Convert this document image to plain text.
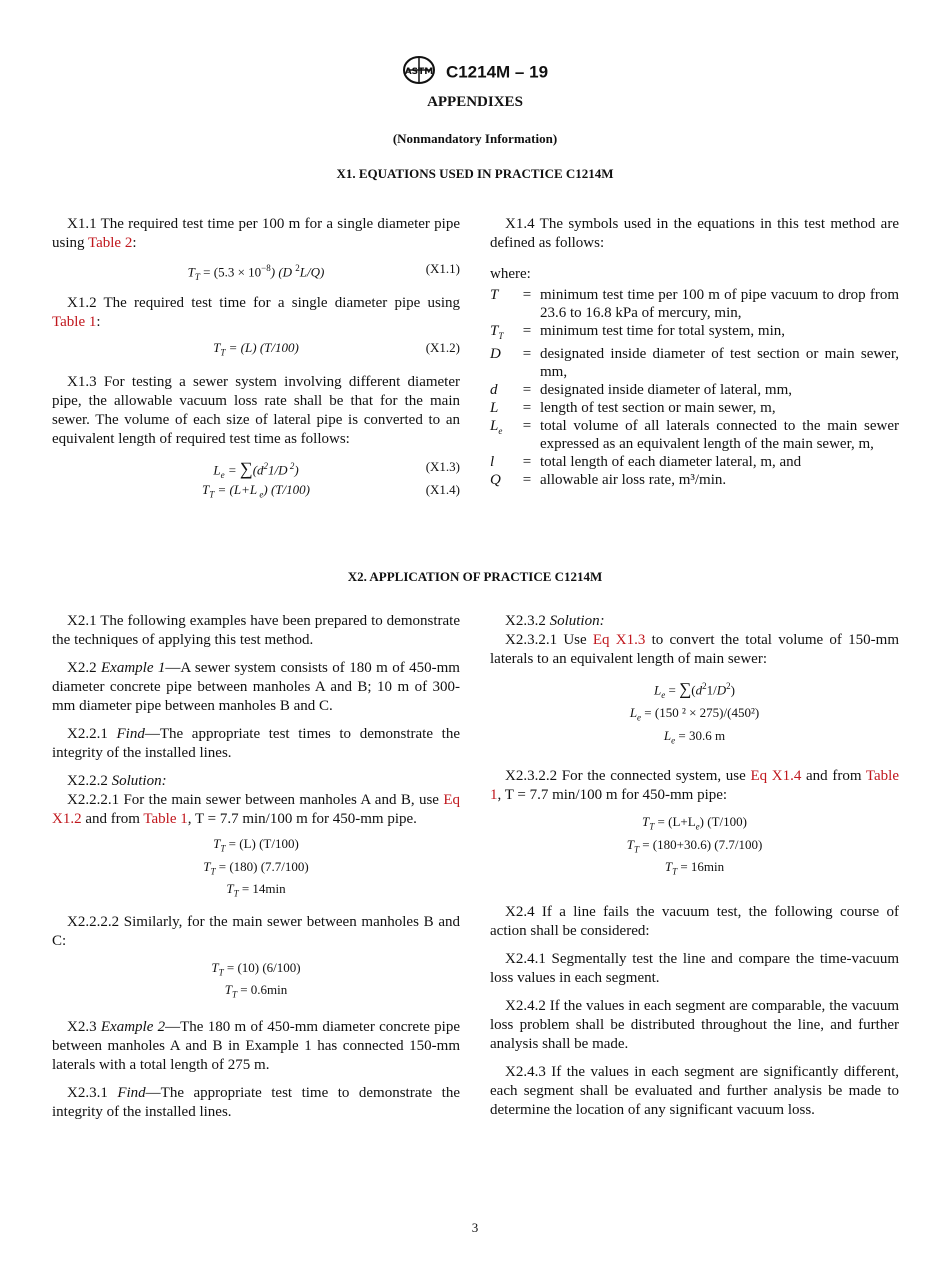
ASTM C1214M – 19
APPENDIXES
(Nonmandatory Information)
X1. EQUATIONS USED IN PRACTICE C1214M

X1.1 The required test time per 100 m for a single diameter pipe using Table 2:

$T_T = (5.3 \times 10^{-8})$ (D $^2$L/Q)	(X1.1)

X1.2 The required test time for a single diameter pipe using Table 1:

$T_T = (L)$ (T/100)	(X1.2)

X1.3 For testing a sewer system involving different diameter pipe, the allowable vacuum loss rate shall be that for the main sewer. The volume of each size of lateral pipe is converted to an equivalent length of required test time as follows:

$L_e = \sum(d^21/D$ $^2$)	(X1.3)
$T_T = (L+L$ $_e$) (T/100)	(X1.4)

X1.4 The symbols used in the equations in this test method are defined as follows:

where:

T	=	minimum test time per 100 m of pipe vacuum to drop from 23.6 to 16.8 kPa of mercury, min,
$T_T$	=	minimum test time for total system, min,
D	=	designated inside diameter of test section or main sewer, mm,
d	=	designated inside diameter of lateral, mm,
L	=	length of test section or main sewer, m,
$L_e$	=	total volume of all laterals connected to the main sewer expressed as an equivalent length of the main sewer, m,
l	=	total length of each diameter lateral, m, and
Q	=	allowable air loss rate, m³/min.
X2. APPLICATION OF PRACTICE C1214M

X2.1 The following examples have been prepared to demonstrate the techniques of applying this test method.

X2.2 Example 1—A sewer system consists of 180 m of 450-mm diameter concrete pipe between manholes A and B; 10 m of 300-mm diameter pipe between manholes B and C.

X2.2.1 Find—The appropriate test times to demonstrate the integrity of the installed lines.

X2.2.2 Solution:

X2.2.2.1 For the main sewer between manholes A and B, use Eq X1.2 and from Table 1, T = 7.7 min/100 m for 450-mm pipe.

$T_T = (L)$ (T/100)
$T_T = (180)$ (7.7/100)
$T_T = 14\min$

X2.2.2.2 Similarly, for the main sewer between manholes B and C:

$T_T = (10)$ (6/100)
$T_T = 0.6\min$

X2.3 Example 2—The 180 m of 450-mm diameter concrete pipe between manholes A and B in Example 1 has connected 150-mm laterals with a total length of 275 m.

X2.3.1 Find—The appropriate test time to demonstrate the integrity of the installed lines.

X2.3.2 Solution:

X2.3.2.1 Use Eq X1.3 to convert the total volume of 150-mm laterals to an equivalent length of main sewer:

$L_e = \sum(d^21/D^2)$
$L_e = (150$ ² × 275)/(450²)
$L_e = 30.6$ m

X2.3.2.2 For the connected system, use Eq X1.4 and from Table 1, T = 7.7 min/100 m for 450-mm pipe:

$T_T = (L+L_e)$ (T/100)
$T_T = (180+30.6)$ (7.7/100)
$T_T = 16\min$

X2.4 If a line fails the vacuum test, the following course of action shall be considered:

X2.4.1 Segmentally test the line and compare the time-vacuum loss values in each segment.

X2.4.2 If the values in each segment are comparable, the vacuum loss problem shall be distributed throughout the line, and further analysis shall be made.

X2.4.3 If the values in each segment are significantly different, each segment shall be evaluated and further analysis be made to determine the location of any significant vacuum loss.

3
